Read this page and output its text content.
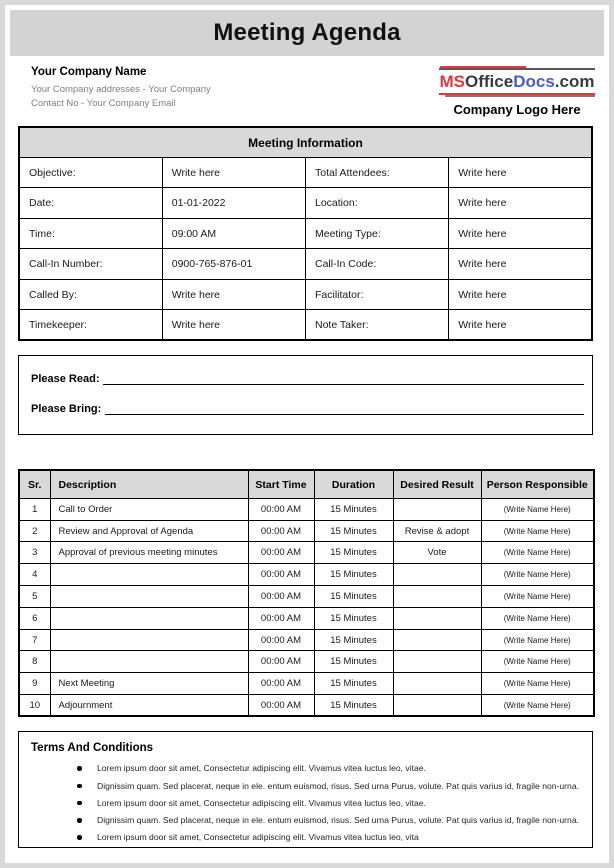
Meeting Agenda
Your Company Name
Your Company addresses - Your Company
Contact No - Your Company Email
MSOfficeDocs.com
Company Logo Here
Meeting Information			
Objective:	Write here	Total Attendees:	Write here
Date:	01-01-2022	Location:	Write here
Time:	09:00 AM	Meeting Type:	Write here
Call-In Number:	0900-765-876-01	Call-In Code:	Write here
Called By:	Write here	Facilitator:	Write here
Timekeeper:	Write here	Note Taker:	Write here
Please Read:
Please Bring:
Sr.	Description	Start Time	Duration	Desired Result	Person Responsible
1	Call to Order	00:00 AM	15 Minutes		(Write Name Here)
2	Review and Approval of Agenda	00:00 AM	15 Minutes	Revise & adopt	(Write Name Here)
3	Approval of previous meeting minutes	00:00 AM	15 Minutes	Vote	(Write Name Here)
4		00:00 AM	15 Minutes		(Write Name Here)
5		00:00 AM	15 Minutes		(Write Name Here)
6		00:00 AM	15 Minutes		(Write Name Here)
7		00:00 AM	15 Minutes		(Write Name Here)
8		00:00 AM	15 Minutes		(Write Name Here)
9	Next Meeting	00:00 AM	15 Minutes		(Write Name Here)
10	Adjournment	00:00 AM	15 Minutes		(Write Name Here)
Terms And Conditions
Lorem ipsum door sit amet, Consectetur adipiscing elit. Vivamus vitea luctus leo, vitae.
Dignissim quam. Sed placerat, neque in ele. entum euismod, risus. Sed urna Purus, volute. Pat quis varius id, fragile non-urna.
Lorem ipsum door sit amet, Consectetur adipiscing elit. Vivamus vitea luctus leo, vitae.
Dignissim quam. Sed placerat, neque in ele. entum euismod, risus. Sed urna Purus, volute. Pat quis varius id, fragile non-urna.
Lorem ipsum door sit amet, Consectetur adipiscing elit. Vivamus vitea luctus leo, vita
